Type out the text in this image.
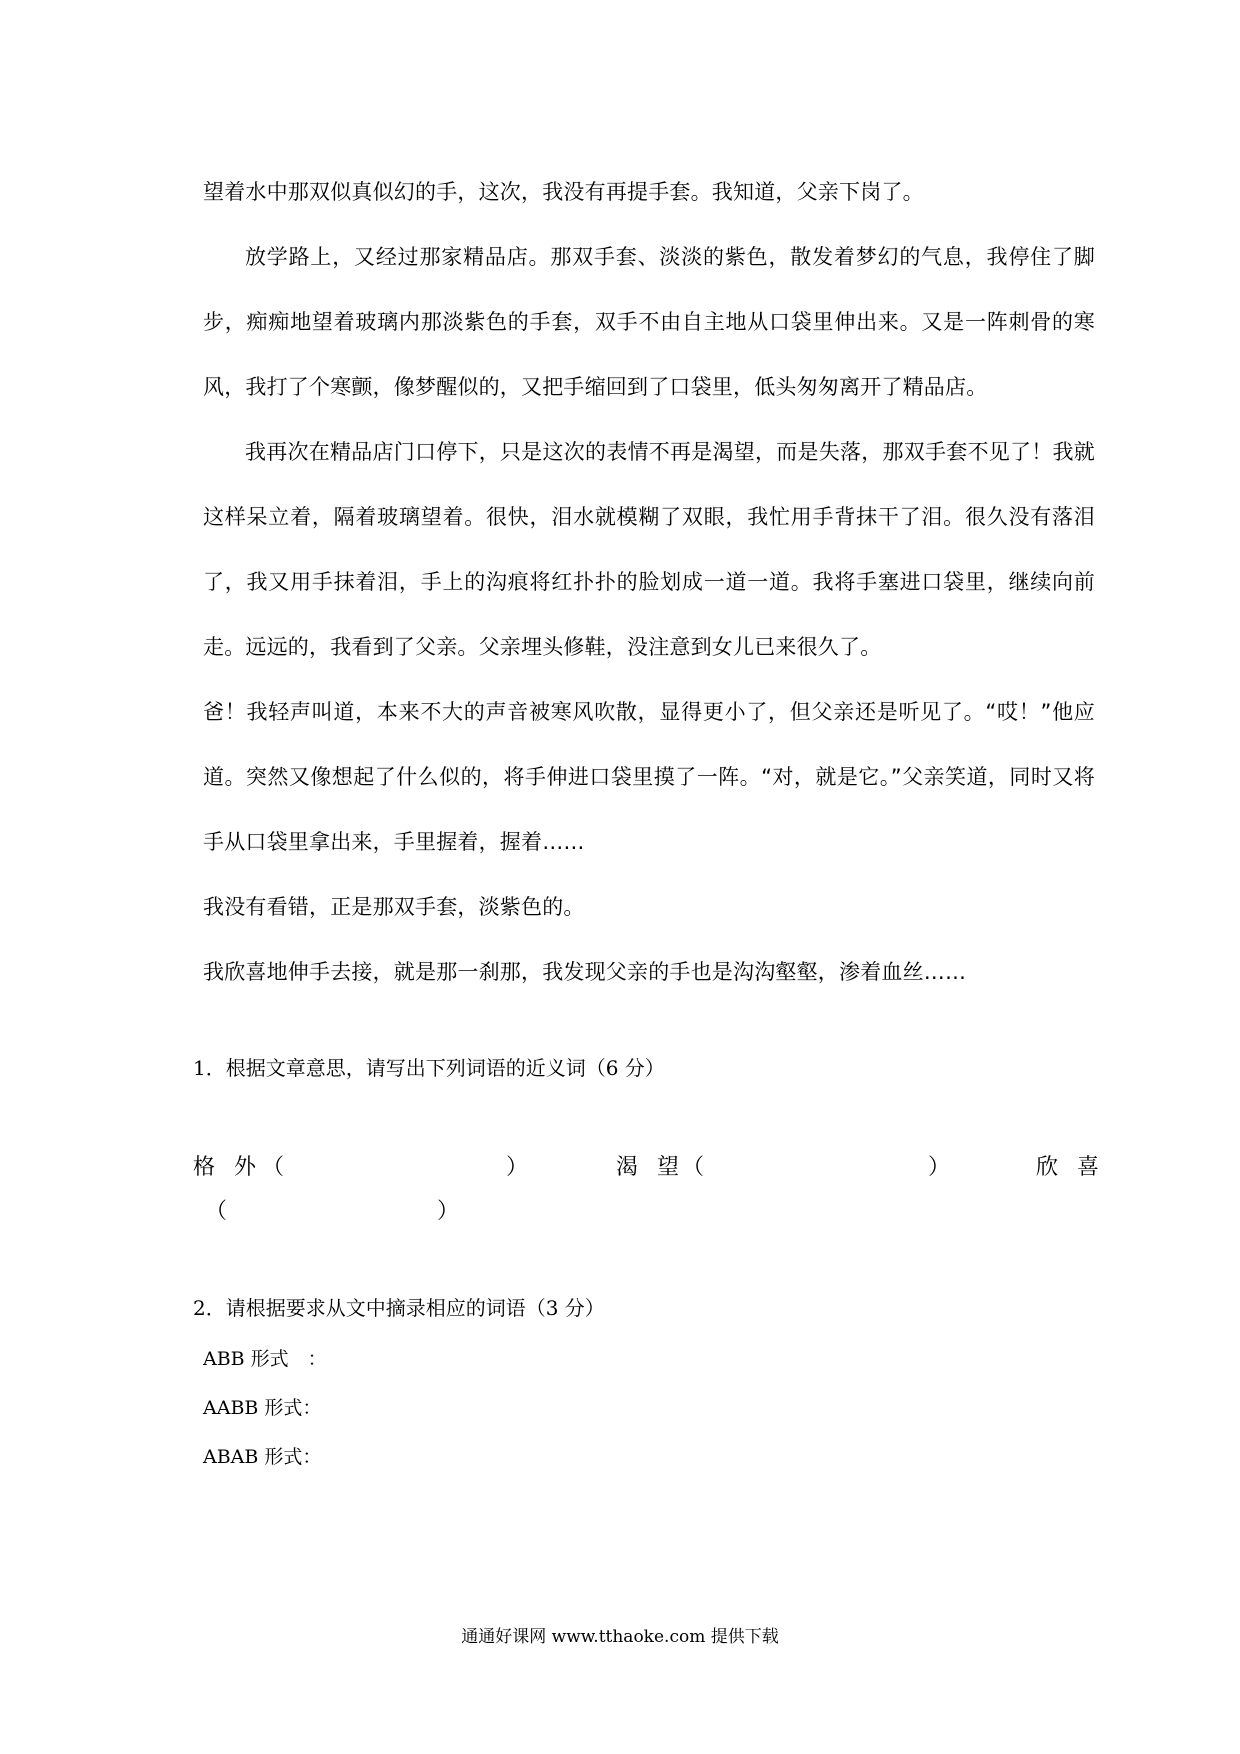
望着水中那双似真似幻的手，这次，我没有再提手套。我知道，父亲下岗了。

放学路上，又经过那家精品店。那双手套、淡淡的紫色，散发着梦幻的气息，我停住了脚步，痴痴地望着玻璃内那淡紫色的手套，双手不由自主地从口袋里伸出来。又是一阵刺骨的寒风，我打了个寒颤，像梦醒似的，又把手缩回到了口袋里，低头匆匆离开了精品店。

我再次在精品店门口停下，只是这次的表情不再是渴望，而是失落，那双手套不见了！我就这样呆立着，隔着玻璃望着。很快，泪水就模糊了双眼，我忙用手背抹干了泪。很久没有落泪了，我又用手抹着泪，手上的沟痕将红扑扑的脸划成一道一道。我将手塞进口袋里，继续向前走。远远的，我看到了父亲。父亲埋头修鞋，没注意到女儿已来很久了。

爸！我轻声叫道，本来不大的声音被寒风吹散，显得更小了，但父亲还是听见了。“哎！”他应道。突然又像想起了什么似的，将手伸进口袋里摸了一阵。“对，就是它。”父亲笑道，同时又将手从口袋里拿出来，手里握着，握着……

我没有看错，正是那双手套，淡紫色的。

我欣喜地伸手去接，就是那一刹那，我发现父亲的手也是沟沟壑壑，渗着血丝……

1．根据文章意思，请写出下列词语的近义词（6 分）

格 外 （	）	渴 望
（	）	欣 喜
（	）

2．请根据要求从文中摘录相应的词语（3 分）

ABB 形式　：
AABB 形式：
ABAB 形式：
通通好课网 www.tthaoke.com 提供下载
